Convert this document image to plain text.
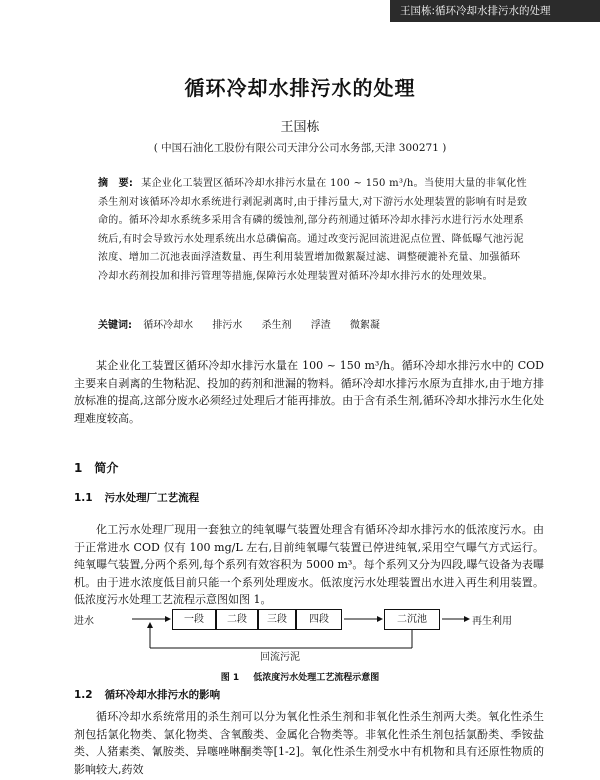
王国栋:循环冷却水排污水的处理
循环冷却水排污水的处理
王国栋
( 中国石油化工股份有限公司天津分公司水务部,天津 300271 )
摘　要: 某企业化工装置区循环冷却水排污水量在 100 ~ 150 m³/h。当使用大量的非氧化性杀生剂对该循环冷却水系统进行剥泥剥离时,由于排污量大,对下游污水处理装置的影响有时是致命的。循环冷却水系统多采用含有磷的缓蚀剂,部分药剂通过循环冷却水排污水进行污水处理系统后,有时会导致污水处理系统出水总磷偏高。通过改变污泥回流进泥点位置、降低曝气池污泥浓度、增加二沉池表面浮渣数量、再生利用装置增加微絮凝过滤、调整硬漉补充量、加强循环冷却水药剂投加和排污管理等措施,保障污水处理装置对循环冷却水排污水的处理效果。
关键词: 循环冷却水 排污水 杀生剂 浮渣 微絮凝
某企业化工装置区循环冷却水排污水量在 100 ~ 150 m³/h。循环冷却水排污水中的 COD 主要来自剥离的生物粘泥、投加的药剂和泄漏的物料。循环冷却水排污水原为直排水,由于地方排放标准的提高,这部分废水必须经过处理后才能再排放。由于含有杀生剂,循环冷却水排污水生化处理难度较高。
1 简介
1.1 污水处理厂工艺流程
化工污水处理厂现用一套独立的纯氧曝气装置处理含有循环冷却水排污水的低浓度污水。由于正常进水 COD 仅有 100 mg/L 左右,目前纯氧曝气装置已停进纯氧,采用空气曝气方式运行。纯氧曝气装置,分两个系列,每个系列有效容积为 5000 m³。每个系列又分为四段,曝气设备为表曝机。由于进水浓度低目前只能一个系列处理废水。低浓度污水处理装置出水进入再生利用装置。低浓度污水处理工艺流程示意图如图 1。
进水	一段	二段	三段	四段	二沉池	再生利用
回流污泥
图 1 低浓度污水处理工艺流程示意图
1.2 循环冷却水排污水的影响
循环冷却水系统常用的杀生剂可以分为氧化性杀生剂和非氧化性杀生剂两大类。氧化性杀生剂包括氯化物类、氯化物类、含氧酸类、金属化合物类等。非氧化性杀生剂包括氯酚类、季铵盐类、人猪素类、氰胺类、异噻唑啉酮类等[1-2]。氧化性杀生剂受水中有机物和具有还原性物质的影响较大,药效
